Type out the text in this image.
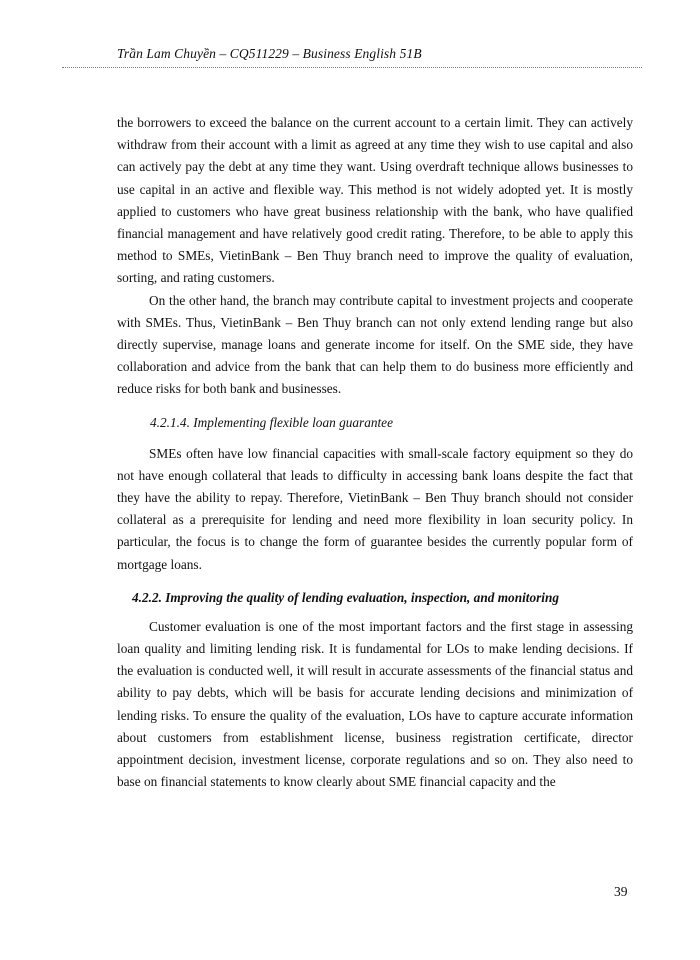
Trần Lam Chuyền – CQ511229 – Business English 51B

the borrowers to exceed the balance on the current account to a certain limit. They can actively withdraw from their account with a limit as agreed at any time they wish to use capital and also can actively pay the debt at any time they want. Using overdraft technique allows businesses to use capital in an active and flexible way. This method is not widely adopted yet. It is mostly applied to customers who have great business relationship with the bank, who have qualified financial management and have relatively good credit rating. Therefore, to be able to apply this method to SMEs, VietinBank – Ben Thuy branch need to improve the quality of evaluation, sorting, and rating customers.

On the other hand, the branch may contribute capital to investment projects and cooperate with SMEs. Thus, VietinBank – Ben Thuy branch can not only extend lending range but also directly supervise, manage loans and generate income for itself. On the SME side, they have collaboration and advice from the bank that can help them to do business more efficiently and reduce risks for both bank and businesses.

4.2.1.4. Implementing flexible loan guarantee

SMEs often have low financial capacities with small-scale factory equipment so they do not have enough collateral that leads to difficulty in accessing bank loans despite the fact that they have the ability to repay. Therefore, VietinBank – Ben Thuy branch should not consider collateral as a prerequisite for lending and need more flexibility in loan security policy. In particular, the focus is to change the form of guarantee besides the currently popular form of mortgage loans.

4.2.2. Improving the quality of lending evaluation, inspection, and monitoring

Customer evaluation is one of the most important factors and the first stage in assessing loan quality and limiting lending risk. It is fundamental for LOs to make lending decisions. If the evaluation is conducted well, it will result in accurate assessments of the financial status and ability to pay debts, which will be basis for accurate lending decisions and minimization of lending risks. To ensure the quality of the evaluation, LOs have to capture accurate information about customers from establishment license, business registration certificate, director appointment decision, investment license, corporate regulations and so on. They also need to base on financial statements to know clearly about SME financial capacity and the

39
